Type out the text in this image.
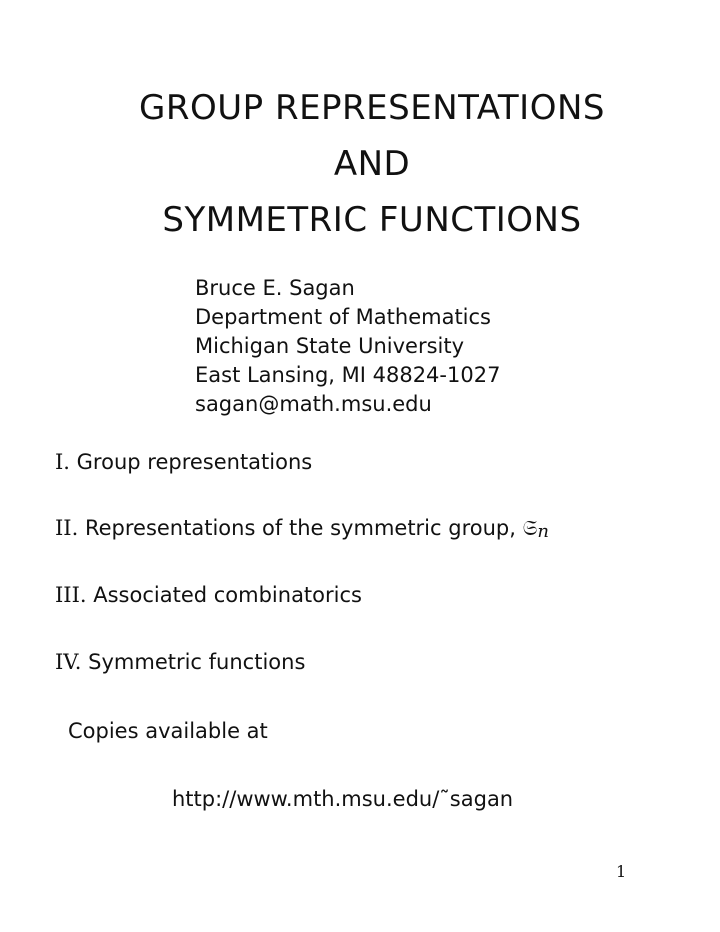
GROUP REPRESENTATIONS
AND
SYMMETRIC FUNCTIONS
Bruce E. Sagan
Department of Mathematics
Michigan State University
East Lansing, MI 48824-1027
sagan@math.msu.edu
I. Group representations
II. Representations of the symmetric group, 𝔖n
III. Associated combinatorics
IV. Symmetric functions
Copies available at
http://www.mth.msu.edu/˜sagan
1
